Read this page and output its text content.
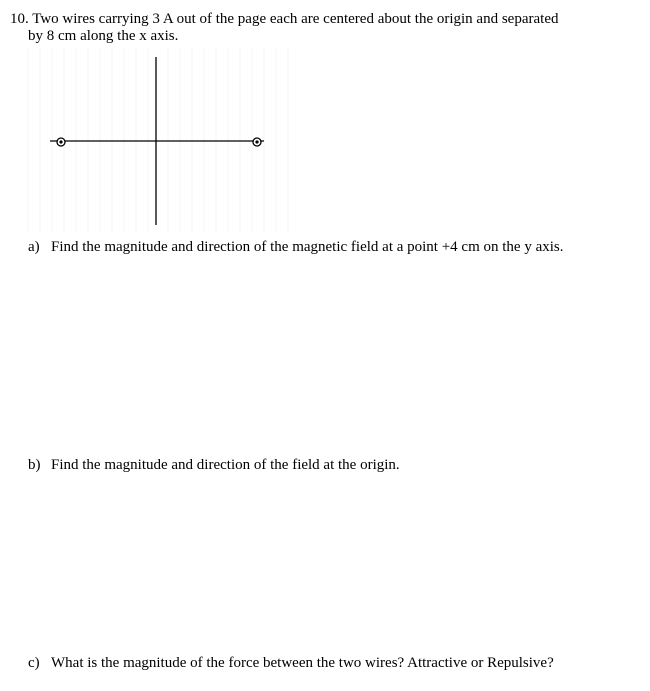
10. Two wires carrying 3 A out of the page each are centered about the origin and separated
by 8 cm along the x axis.
a) Find the magnitude and direction of the magnetic field at a point +4 cm on the y axis.
b) Find the magnitude and direction of the field at the origin.
c) What is the magnitude of the force between the two wires? Attractive or Repulsive?
